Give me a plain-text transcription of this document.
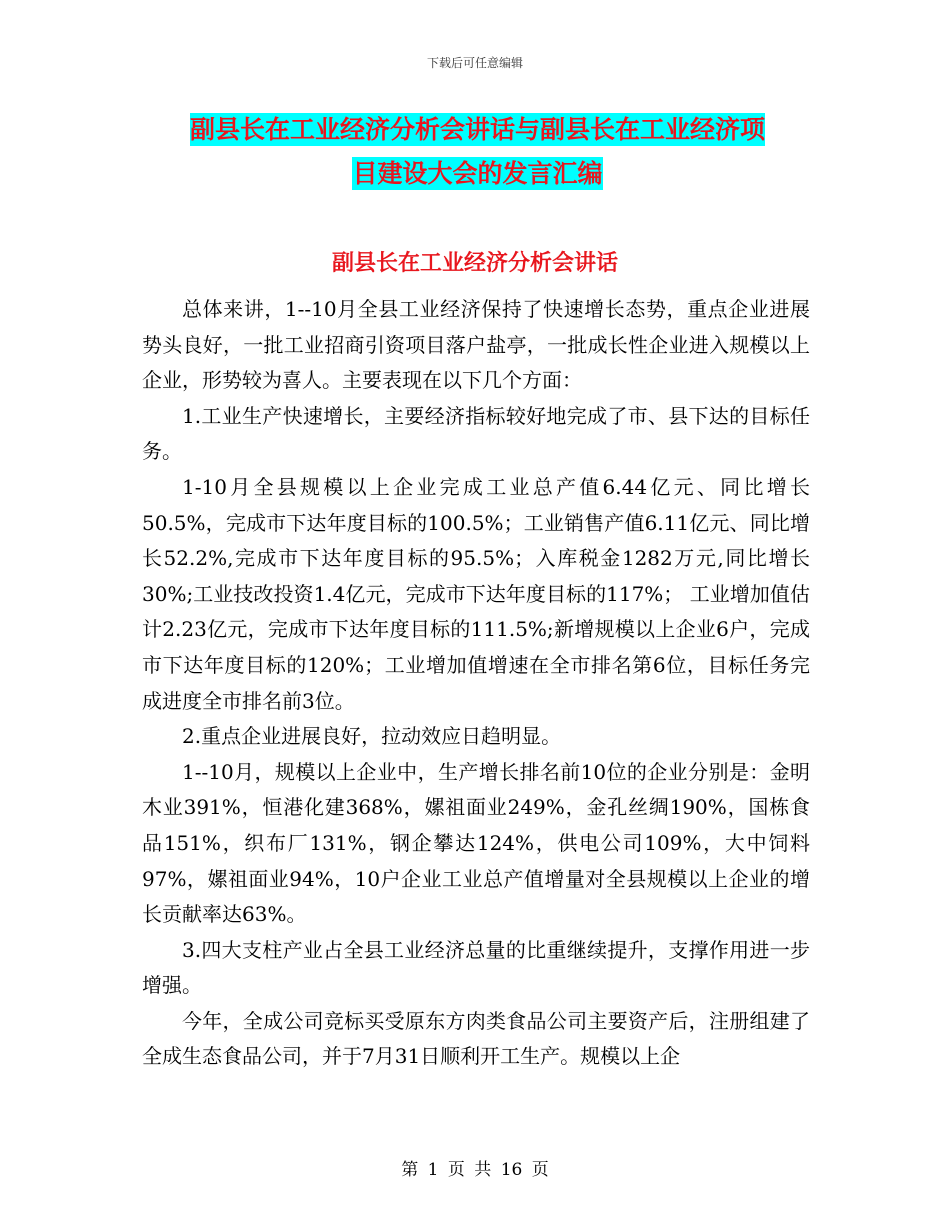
下载后可任意编辑
副县长在工业经济分析会讲话与副县长在工业经济项
目建设大会的发言汇编
副县长在工业经济分析会讲话

总体来讲，1--10月全县工业经济保持了快速增长态势，重点企业进展势头良好，一批工业招商引资项目落户盐亭，一批成长性企业进入规模以上企业，形势较为喜人。主要表现在以下几个方面：

1.工业生产快速增长，主要经济指标较好地完成了市、县下达的目标任务。

1-10月全县规模以上企业完成工业总产值6.44亿元、同比增长50.5%，完成市下达年度目标的100.5%；工业销售产值6.11亿元、同比增长52.2%,完成市下达年度目标的95.5%；入库税金1282万元,同比增长30%;工业技改投资1.4亿元，完成市下达年度目标的117%； 工业增加值估计2.23亿元，完成市下达年度目标的111.5%;新增规模以上企业6户，完成市下达年度目标的120%；工业增加值增速在全市排名第6位，目标任务完成进度全市排名前3位。

2.重点企业进展良好，拉动效应日趋明显。

1--10月，规模以上企业中，生产增长排名前10位的企业分别是：金明木业391%，恒港化建368%，嫘祖面业249%，金孔丝绸190%，国栋食品151%，织布厂131%，钢企攀达124%，供电公司109%，大中饲料97%，嫘祖面业94%，10户企业工业总产值增量对全县规模以上企业的增长贡献率达63%。

3.四大支柱产业占全县工业经济总量的比重继续提升，支撑作用进一步增强。

今年，全成公司竞标买受原东方肉类食品公司主要资产后，注册组建了全成生态食品公司，并于7月31日顺利开工生产。规模以上企

第 1 页 共 16 页
